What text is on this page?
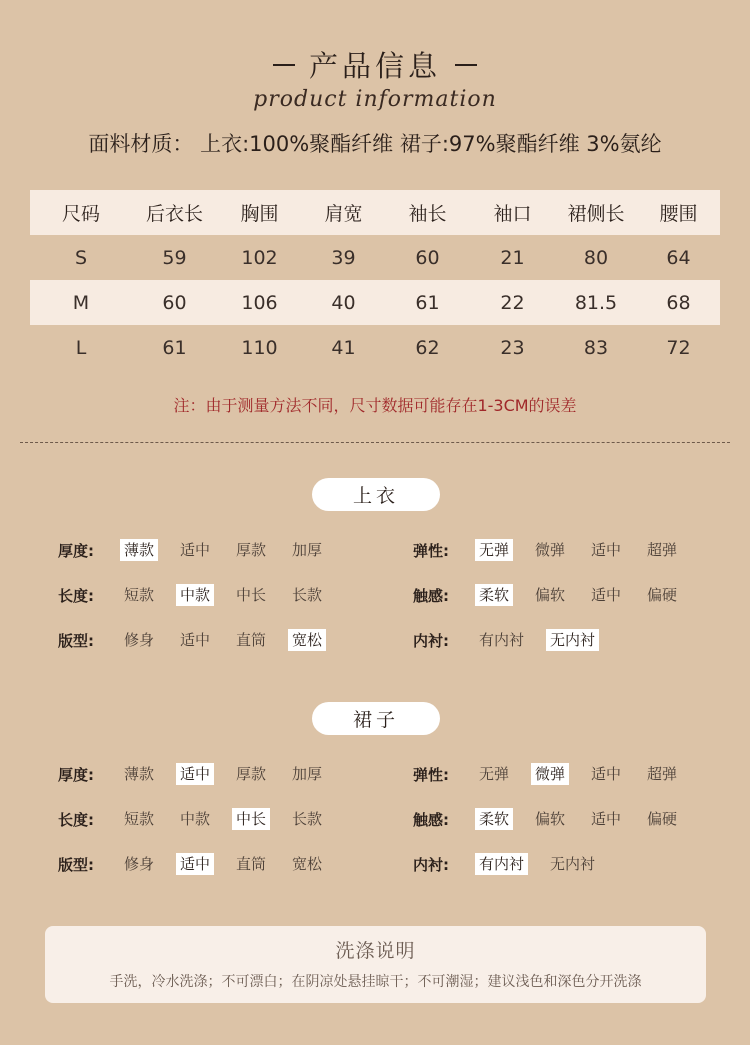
产品信息
product information
面料材质： 上衣:100%聚酯纤维 裙子:97%聚酯纤维 3%氨纶
尺码	后衣长	胸围	肩宽	袖长	袖口	裙侧长	腰围
S	59	102	39	60	21	80	64
M	60	106	40	61	22	81.5	68
L	61	110	41	62	23	83	72
注：由于测量方法不同，尺寸数据可能存在1-3CM的误差
上衣
厚度:	薄款 适中 厚款 加厚
长度:	短款 中款 中长 长款
版型:	修身 适中 直筒 宽松
弹性:	无弹 微弹 适中 超弹
触感:	柔软 偏软 适中 偏硬
内衬:	有内衬 无内衬
裙子
厚度:	薄款 适中 厚款 加厚
长度:	短款 中款 中长 长款
版型:	修身 适中 直筒 宽松
弹性:	无弹 微弹 适中 超弹
触感:	柔软 偏软 适中 偏硬
内衬:	有内衬 无内衬
洗涤说明
手洗，冷水洗涤；不可漂白；在阴凉处悬挂晾干；不可潮湿；建议浅色和深色分开洗涤
